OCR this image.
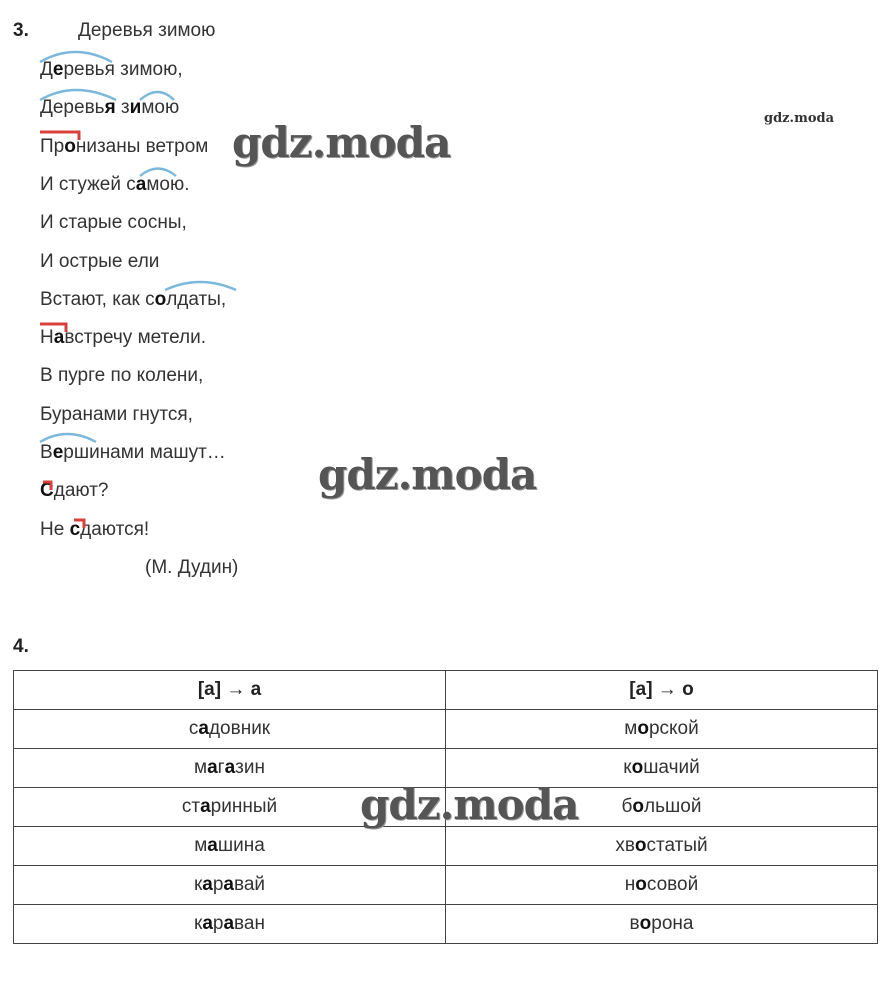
3.	Деревья зимою
Деревья зимою,
Деревья зимою
Пронизаны ветром
И стужей самою.
И старые сосны,
И острые ели
Встают, как солдаты,
Навстречу метели.
В пурге по колени,
Буранами гнутся,
Вершинами машут…
Сдают?
Не сдаются!
(М. Дудин)
4.
[а] → а	[а] → о
садовник	морской
магазин	кошачий
старинный	большой
машина	хвостатый
каравай	носовой
караван	ворона
gdz.moda	gdz.moda
gdz.moda
gdz.moda
